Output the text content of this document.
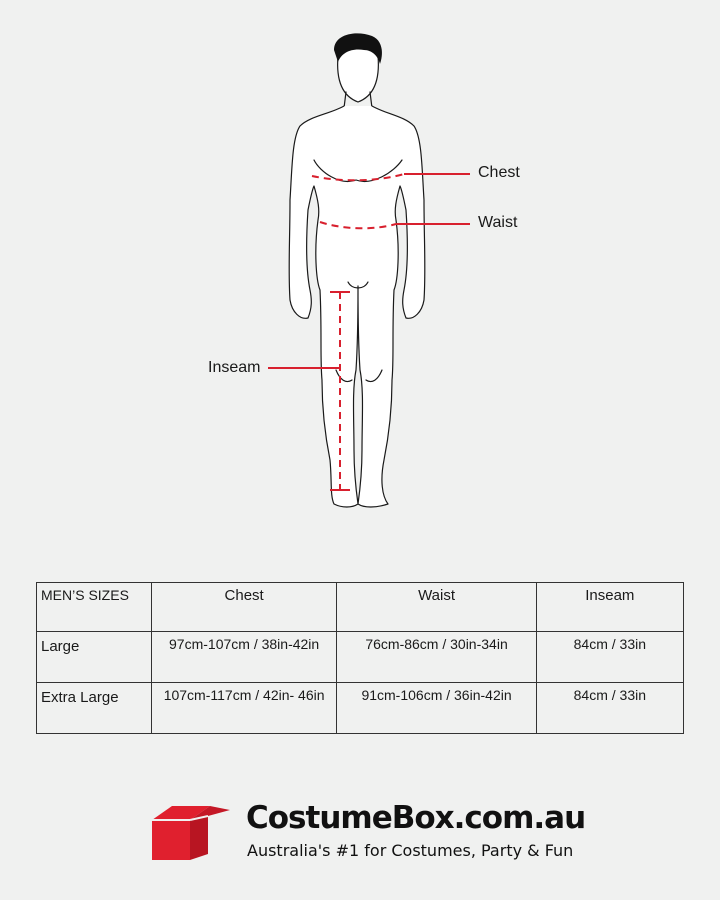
Chest
Waist
Inseam
MEN’S SIZES	Chest	Waist	Inseam
Large	97cm-107cm / 38in-42in	76cm-86cm / 30in-34in	84cm / 33in
Extra Large	107cm-117cm / 42in- 46in	91cm-106cm / 36in-42in	84cm / 33in
CostumeBox.com.au
Australia's #1 for Costumes, Party & Fun
